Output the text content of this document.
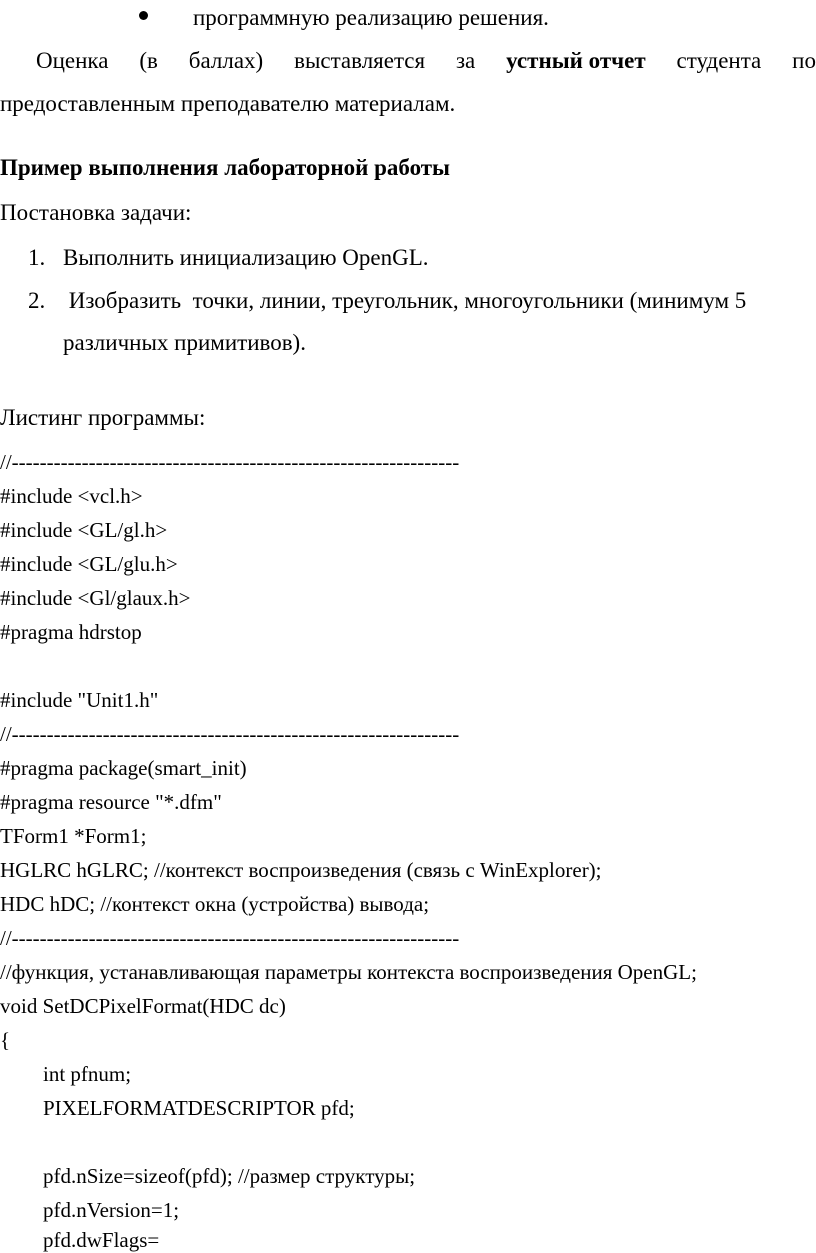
программную реализацию решения.
Оценка (в баллах) выставляется за устный отчет студента по
предоставленным преподавателю материалам.
Пример выполнения лабораторной работы
Постановка задачи:
1. Выполнить инициализацию OpenGL.
2. Изобразить  точки, линии, треугольник, многоугольники (минимум 5
различных примитивов).
Листинг программы:
//----------------------------------------------------------------
#include <vcl.h>
#include <GL/gl.h>
#include <GL/glu.h>
#include <Gl/glaux.h>
#pragma hdrstop
#include "Unit1.h"
//----------------------------------------------------------------
#pragma package(smart_init)
#pragma resource "*.dfm"
TForm1 *Form1;
HGLRC hGLRC; //контекст воспроизведения (связь с WinExplorer);
HDC hDC; //контекст окна (устройства) вывода;
//----------------------------------------------------------------
//функция, устанавливающая параметры контекста воспроизведения OpenGL;
void SetDCPixelFormat(HDC dc)
{
int pfnum;
PIXELFORMATDESCRIPTOR pfd;
pfd.nSize=sizeof(pfd); //размер структуры;
pfd.nVersion=1;
pfd.dwFlags=
